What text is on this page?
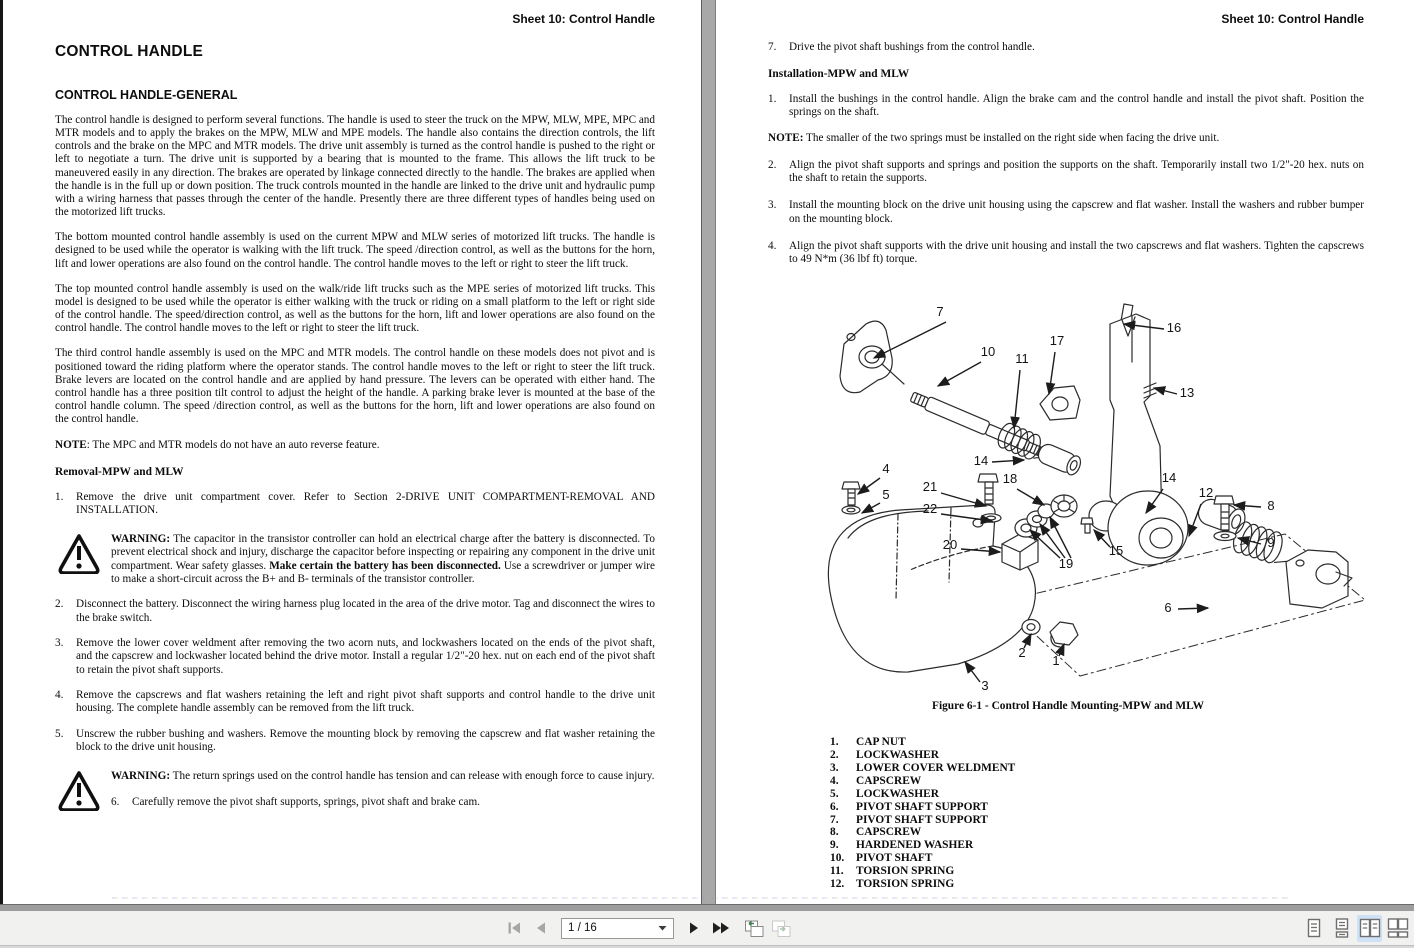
Sheet 10: Control Handle
CONTROL HANDLE
CONTROL HANDLE-GENERAL

The control handle is designed to perform several functions. The handle is used to steer the truck on the MPW, MLW, MPE, MPC and MTR models and to apply the brakes on the MPW, MLW and MPE models. The handle also contains the direction controls, the lift controls and the brake on the MPC and MTR models. The drive unit assembly is turned as the control handle is pushed to the right or left to negotiate a turn. The drive unit is supported by a bearing that is mounted to the frame. This allows the lift truck to be maneuvered easily in any direction. The brakes are operated by linkage connected directly to the handle. The brakes are applied when the handle is in the full up or down position. The truck controls mounted in the handle are linked to the drive unit and hydraulic pump with a wiring harness that passes through the center of the handle. Presently there are three different types of handles being used on the motorized lift trucks.

The bottom mounted control handle assembly is used on the current MPW and MLW series of motorized lift trucks. The handle is designed to be used while the operator is walking with the lift truck. The speed /direction control, as well as the buttons for the horn, lift and lower operations are also found on the control handle. The control handle moves to the left or right to steer the lift truck.

The top mounted control handle assembly is used on the walk/ride lift trucks such as the MPE series of motorized lift trucks. This model is designed to be used while the operator is either walking with the truck or riding on a small platform to the left or right side of the control handle. The speed/direction control, as well as the buttons for the horn, lift and lower operations are also found on the control handle. The control handle moves to the left or right to steer the lift truck.

The third control handle assembly is used on the MPC and MTR models. The control handle on these models does not pivot and is positioned toward the riding platform where the operator stands. The control handle moves to the left or right to steer the lift truck. Brake levers are located on the control handle and are applied by hand pressure. The levers can be operated with either hand. The control handle has a three position tilt control to adjust the height of the handle. A parking brake lever is mounted at the base of the control handle column. The speed /direction control, as well as the buttons for the horn, lift and lower operations are also found on the control handle.

NOTE: The MPC and MTR models do not have an auto reverse feature.

Removal-MPW and MLW
1.	Remove the drive unit compartment cover. Refer to Section 2-DRIVE UNIT COMPARTMENT-REMOVAL AND INSTALLATION.
WARNING: The capacitor in the transistor controller can hold an electrical charge after the battery is disconnected. To prevent electrical shock and injury, discharge the capacitor before inspecting or repairing any component in the drive unit compartment. Wear safety glasses. Make certain the battery has been disconnected. Use a screwdriver or jumper wire to make a short-circuit across the B+ and B- terminals of the transistor controller.
2.	Disconnect the battery. Disconnect the wiring harness plug located in the area of the drive motor. Tag and disconnect the wires to the brake switch.
3.	Remove the lower cover weldment after removing the two acorn nuts, and lockwashers located on the ends of the pivot shaft, and the capscrew and lockwasher located behind the drive motor. Install a regular 1/2"-20 hex. nut on each end of the pivot shaft to retain the pivot shaft supports.
4.	Remove the capscrews and flat washers retaining the left and right pivot shaft supports and control handle to the drive unit housing. The complete handle assembly can be removed from the lift truck.
5.	Unscrew the rubber bushing and washers. Remove the mounting block by removing the capscrew and flat washer retaining the block to the drive unit housing.
WARNING: The return springs used on the control handle has tension and can release with enough force to cause injury.
6.	Carefully remove the pivot shaft supports, springs, pivot shaft and brake cam.
Sheet 10: Control Handle
7.	Drive the pivot shaft bushings from the control handle.
Installation-MPW and MLW
1.	Install the bushings in the control handle. Align the brake cam and the control handle and install the pivot shaft. Position the springs on the shaft.

NOTE: The smaller of the two springs must be installed on the right side when facing the drive unit.

2.	Align the pivot shaft supports and springs and position the supports on the shaft. Temporarily install two 1/2"-20 hex. nuts on the shaft to retain the supports.
3.	Install the mounting block on the drive unit housing using the capscrew and flat washer. Install the washers and rubber bumper on the mounting block.
4.	Align the pivot shaft supports with the drive unit housing and install the two capscrews and flat washers. Tighten the capscrews to 49 N*m (36 lbf ft) torque.
7
16
10 11
17
13
14
4
5
21
22
18	14
12
8
9
20
19
15
6
2
1
3
Figure 6-1 - Control Handle Mounting-MPW and MLW
1.	CAP NUT
2.	LOCKWASHER
3.	LOWER COVER WELDMENT
4.	CAPSCREW
5.	LOCKWASHER
6.	PIVOT SHAFT SUPPORT
7.	PIVOT SHAFT SUPPORT
8.	CAPSCREW
9.	HARDENED WASHER
10.	PIVOT SHAFT
11.	TORSION SPRING
12.	TORSION SPRING
1 / 16
